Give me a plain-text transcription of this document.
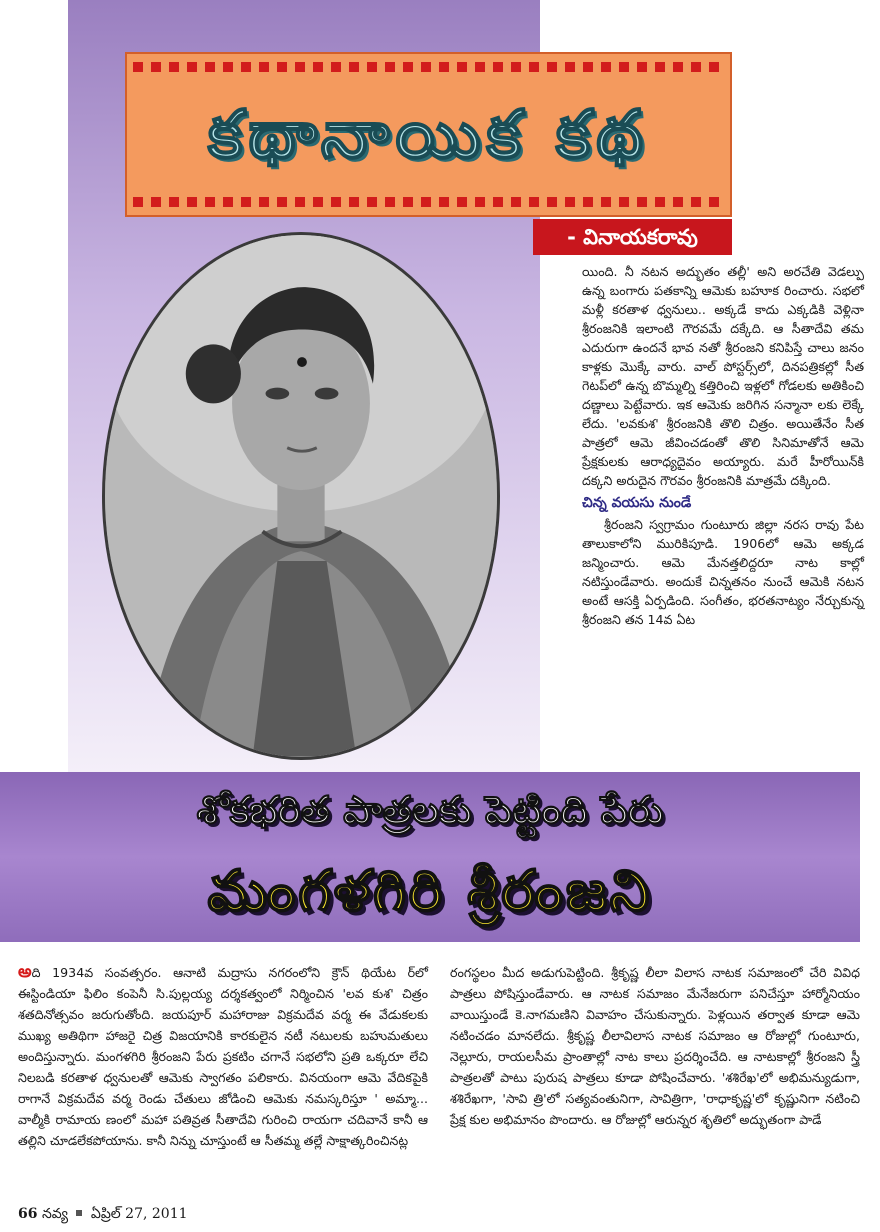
కథానాయిక కథ
- వినాయకరావు

యింది. నీ నటన అద్భుతం తల్లీ' అని అరచేతి వెడల్పు ఉన్న బంగారు పతకాన్ని ఆమెకు బహూక రించారు. సభలో మళ్లీ కరతాళ ధ్వనులు.. అక్కడే కాదు ఎక్కడికి వెళ్లినా శ్రీరంజనికి ఇలాంటి గౌరవమే దక్కేది. ఆ సీతాదేవి తమ ఎదురుగా ఉందనే భావ నతో శ్రీరంజని కనిపిస్తే చాలు జనం కాళ్లకు మొక్కే వారు. వాల్ పోస్టర్స్‌లో, దినపత్రికల్లో సీత గెటప్‌లో ఉన్న బొమ్మల్ని కత్తిరించి ఇళ్లలో గోడలకు అతికించి దణ్ణాలు పెట్టేవారు. ఇక ఆమెకు జరిగిన సన్మానా లకు లెక్కే లేదు. 'లవకుశ' శ్రీరంజనికి తొలి చిత్రం. అయితేనేం సీత పాత్రలో ఆమె జీవించడంతో తొలి సినిమాతోనే ఆమె ప్రేక్షకులకు ఆరాధ్యదైవం అయ్యారు. మరే హీరోయిన్‌కి దక్కని అరుదైన గౌరవం శ్రీరంజనికి మాత్రమే దక్కింది.

చిన్న వయసు నుండే

శ్రీరంజని స్వగ్రామం గుంటూరు జిల్లా నరస రావు పేట తాలుకాలోని మురికిపూడి. 1906లో ఆమె అక్కడ జన్మించారు. ఆమె మేనత్తలిద్దరూ నాట కాల్లో నటిస్తుండేవారు. అందుకే చిన్నతనం నుంచే ఆమెకి నటన అంటే ఆసక్తి ఏర్పడింది. సంగీతం, భరతనాట్యం నేర్చుకున్న శ్రీరంజని తన 14వ ఏట

శోకభరిత పాత్రలకు పెట్టింది పేరు
మంగళగిరి శ్రీరంజని

అది 1934వ సంవత్సరం. ఆనాటి మద్రాసు నగరంలోని క్రౌన్ థియేట ర్‌లో ఈస్టిండియా ఫిలిం కంపెనీ సి.పుల్లయ్య దర్శకత్వంలో నిర్మించిన 'లవ కుశ' చిత్రం శతదినోత్సవం జరుగుతోంది. జయపూర్ మహారాజు విక్రమదేవ వర్మ ఈ వేడుకలకు ముఖ్య అతిథిగా హాజరై చిత్ర విజయానికి కారకులైన నటీ నటులకు బహుమతులు అందిస్తున్నారు. మంగళగిరి శ్రీరంజని పేరు ప్రకటిం చగానే సభలోని ప్రతి ఒక్కరూ లేచి నిలబడి కరతాళ ధ్వనులతో ఆమెకు స్వాగతం పలికారు. వినయంగా ఆమె వేదికపైకి రాగానే విక్రమదేవ వర్మ రెండు చేతులు జోడించి ఆమెకు నమస్కరిస్తూ ' అమ్మా... వాల్మీకి రామాయ ణంలో మహా పతివ్రత సీతాదేవి గురించి రాయగా చదివానే కానీ ఆ తల్లిని చూడలేకపోయాను. కానీ నిన్ను చూస్తుంటే ఆ సీతమ్మ తల్లే సాక్షాత్కరించినట్ల

రంగస్థలం మీద అడుగుపెట్టింది. శ్రీకృష్ణ లీలా విలాస నాటక సమాజంలో చేరి వివిధ పాత్రలు పోషిస్తుండేవారు. ఆ నాటక సమాజం మేనేజరుగా పనిచేస్తూ హార్మోనియం వాయిస్తుండే కె.నాగమణిని వివాహం చేసుకున్నారు. పెళ్లయిన తర్వాత కూడా ఆమె నటించడం మానలేదు. శ్రీకృష్ణ లీలావిలాస నాటక సమాజం ఆ రోజుల్లో గుంటూరు, నెల్లూరు, రాయలసీమ ప్రాంతాల్లో నాట కాలు ప్రదర్శించేది. ఆ నాటకాల్లో శ్రీరంజని స్త్రీ పాత్రలతో పాటు పురుష పాత్రలు కూడా పోషించేవారు. 'శశిరేఖ'లో అభిమన్యుడుగా, శశిరేఖగా, 'సావి త్రి'లో సత్యవంతునిగా, సావిత్రిగా, 'రాధాకృష్ణ'లో కృష్ణునిగా నటించి ప్రేక్ష కుల అభిమానం పొందారు. ఆ రోజుల్లో ఆరున్నర శృతిలో అద్భుతంగా పాడే

66 నవ్య ఏప్రిల్ 27, 2011
